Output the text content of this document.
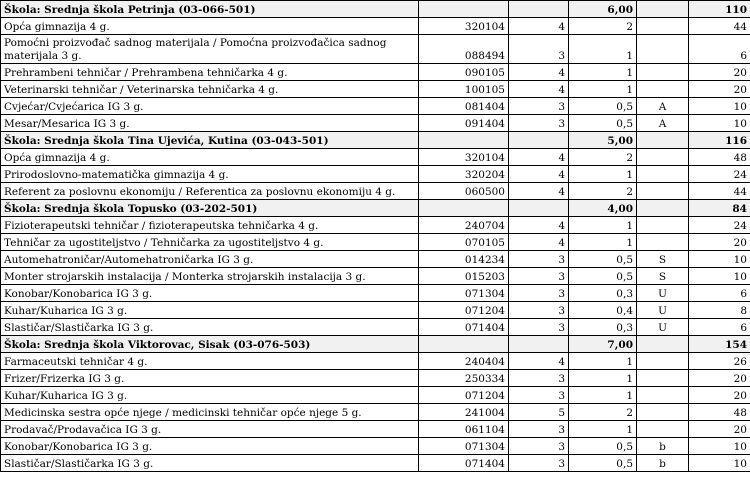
Škola: Srednja škola Petrinja (03-066-501)			6,00		110
Opća gimnazija 4 g.	320104	4	2		44
Pomoćni proizvođač sadnog materijala / Pomoćna proizvođačica sadnog materijala 3 g.	088494	3	1		6
Prehrambeni tehničar / Prehrambena tehničarka 4 g.	090105	4	1		20
Veterinarski tehničar / Veterinarska tehničarka 4 g.	100105	4	1		20
Cvjećar/Cvjećarica IG 3 g.	081404	3	0,5	A	10
Mesar/Mesarica IG 3 g.	091404	3	0,5	A	10
Škola: Srednja škola Tina Ujevića, Kutina (03-043-501)			5,00		116
Opća gimnazija 4 g.	320104	4	2		48
Prirodoslovno-matematička gimnazija 4 g.	320204	4	1		24
Referent za poslovnu ekonomiju / Referentica za poslovnu ekonomiju 4 g.	060500	4	2		44
Škola: Srednja škola Topusko (03-202-501)			4,00		84
Fizioterapeutski tehničar / fizioterapeutska tehničarka 4 g.	240704	4	1		24
Tehničar za ugostiteljstvo / Tehničarka za ugostiteljstvo 4 g.	070105	4	1		20
Automehatroničar/Automehatroničarka IG 3 g.	014234	3	0,5	S	10
Monter strojarskih instalacija / Monterka strojarskih instalacija 3 g.	015203	3	0,5	S	10
Konobar/Konobarica IG 3 g.	071304	3	0,3	U	6
Kuhar/Kuharica IG 3 g.	071204	3	0,4	U	8
Slastičar/Slastičarka IG 3 g.	071404	3	0,3	U	6
Škola: Srednja škola Viktorovac, Sisak (03-076-503)			7,00		154
Farmaceutski tehničar 4 g.	240404	4	1		26
Frizer/Frizerka IG 3 g.	250334	3	1		20
Kuhar/Kuharica IG 3 g.	071204	3	1		20
Medicinska sestra opće njege / medicinski tehničar opće njege 5 g.	241004	5	2		48
Prodavač/Prodavačica IG 3 g.	061104	3	1		20
Konobar/Konobarica IG 3 g.	071304	3	0,5	b	10
Slastičar/Slastičarka IG 3 g.	071404	3	0,5	b	10
